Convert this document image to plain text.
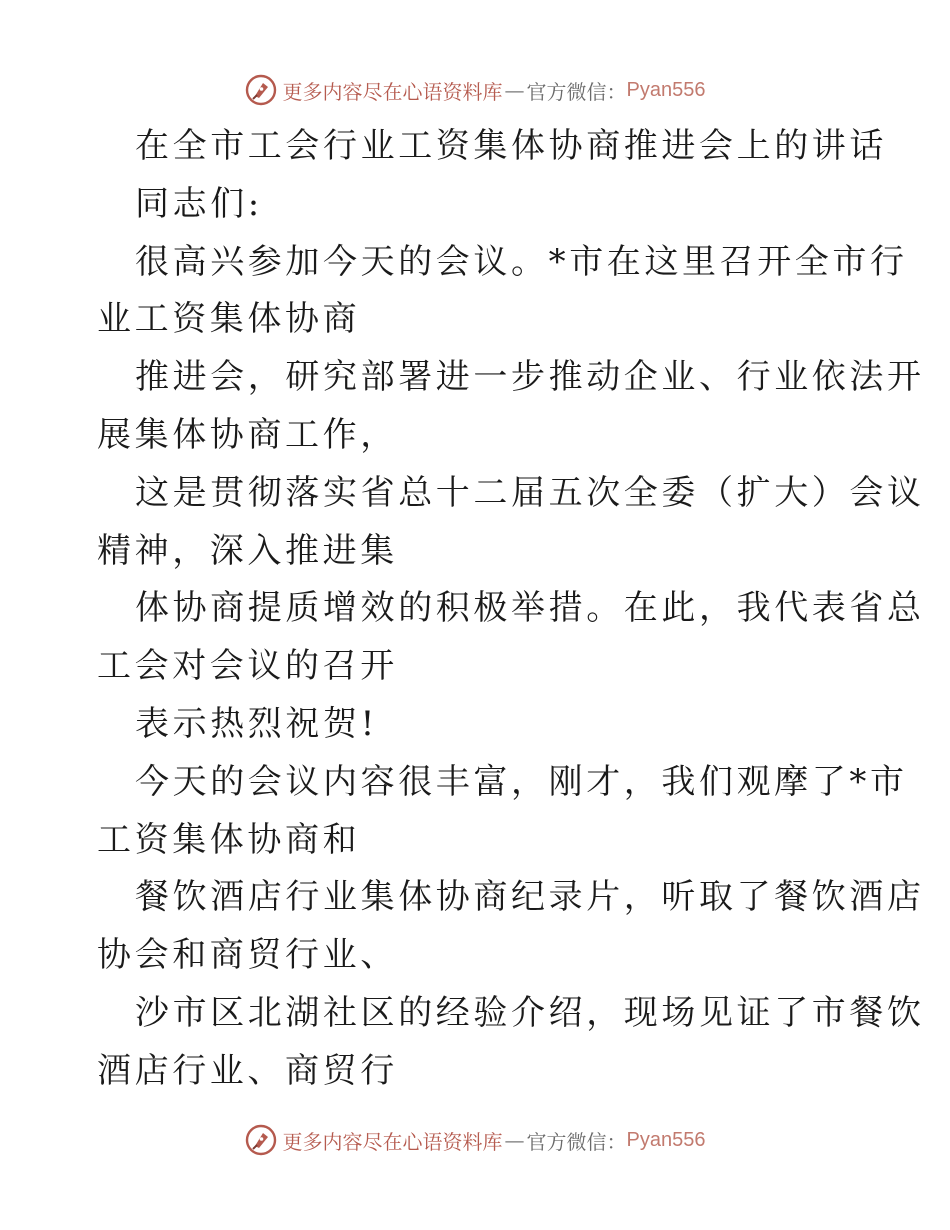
更多内容尽在心语资料库 — 官方微信： Pyan556
在全市工会行业工资集体协商推进会上的讲话
同志们:
很高兴参加今天的会议。*市在这里召开全市行
业工资集体协商
推进会，研究部署进一步推动企业、行业依法开
展集体协商工作，
这是贯彻落实省总十二届五次全委（扩大）会议
精神，深入推进集
体协商提质增效的积极举措。在此，我代表省总
工会对会议的召开
表示热烈祝贺!
今天的会议内容很丰富，刚才，我们观摩了*市
工资集体协商和
餐饮酒店行业集体协商纪录片，听取了餐饮酒店
协会和商贸行业、
沙市区北湖社区的经验介绍，现场见证了市餐饮
酒店行业、商贸行
更多内容尽在心语资料库 — 官方微信： Pyan556
